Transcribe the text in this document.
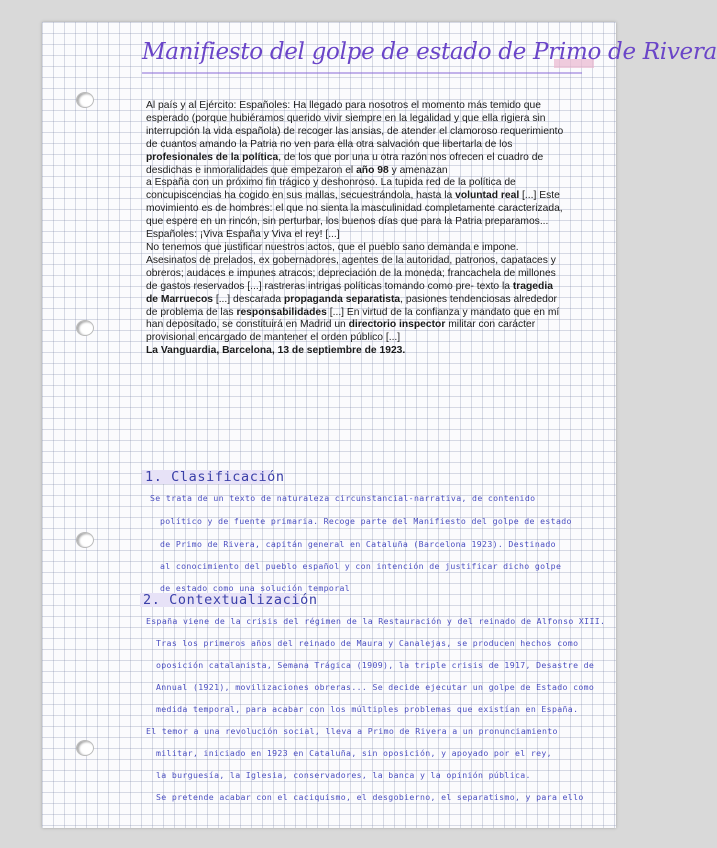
Manifiesto del golpe de estado de Primo de Rivera

Al país y al Ejército: Españoles: Ha llegado para nosotros el momento más temido que esperado (porque hubiéramos querido vivir siempre en la legalidad y que ella rigiera sin interrupción la vida española) de recoger las ansias, de atender el clamoroso requerimiento de cuantos amando la Patria no ven para ella otra salvación que libertarla de los profesionales de la política, de los que por una u otra razón nos ofrecen el cuadro de desdichas e inmoralidades que empezaron el año 98 y amenazan

a España con un próximo fin trágico y deshonroso. La tupida red de la política de concupiscencias ha cogido en sus mallas, secuestrándola, hasta la voluntad real [...] Este movimiento es de hombres: el que no sienta la masculinidad completamente caracterizada, que espere en un rincón, sin perturbar, los buenos días que para la Patria preparamos...

Españoles: ¡Viva España y Viva el rey! [...]

No tenemos que justificar nuestros actos, que el pueblo sano demanda e impone. Asesinatos de prelados, ex gobernadores, agentes de la autoridad, patronos, capataces y obreros; audaces e impunes atracos; depreciación de la moneda; francachela de millones de gastos reservados [...] rastreras intrigas políticas tomando como pre- texto la tragedia de Marruecos [...] descarada propaganda separatista, pasiones tendenciosas alrededor de problema de las responsabilidades [...] En virtud de la confianza y mandato que en mí han depositado, se constituirá en Madrid un directorio inspector militar con carácter provisional encargado de mantener el orden público [...]

La Vanguardia, Barcelona, 13 de septiembre de 1923.

1. Clasificación
Se trata de un texto de naturaleza circunstancial-narrativa, de contenido
político y de fuente primaria. Recoge parte del Manifiesto del golpe de estado
de Primo de Rivera, capitán general en Cataluña (Barcelona 1923). Destinado
al conocimiento del pueblo español y con intención de justificar dicho golpe
de estado como una solución temporal
2. Contextualización
España viene de la crisis del régimen de la Restauración y del reinado de Alfonso XIII.
Tras los primeros años del reinado de Maura y Canalejas, se producen hechos como
oposición catalanista, Semana Trágica (1909), la triple crisis de 1917, Desastre de
Annual (1921), movilizaciones obreras... Se decide ejecutar un golpe de Estado como
medida temporal, para acabar con los múltiples problemas que existían en España.
El temor a una revolución social, lleva a Primo de Rivera a un pronunciamiento
militar, iniciado en 1923 en Cataluña, sin oposición, y apoyado por el rey,
la burguesía, la Iglesia, conservadores, la banca y la opinión pública.
Se pretende acabar con el caciquismo, el desgobierno, el separatismo, y para ello
